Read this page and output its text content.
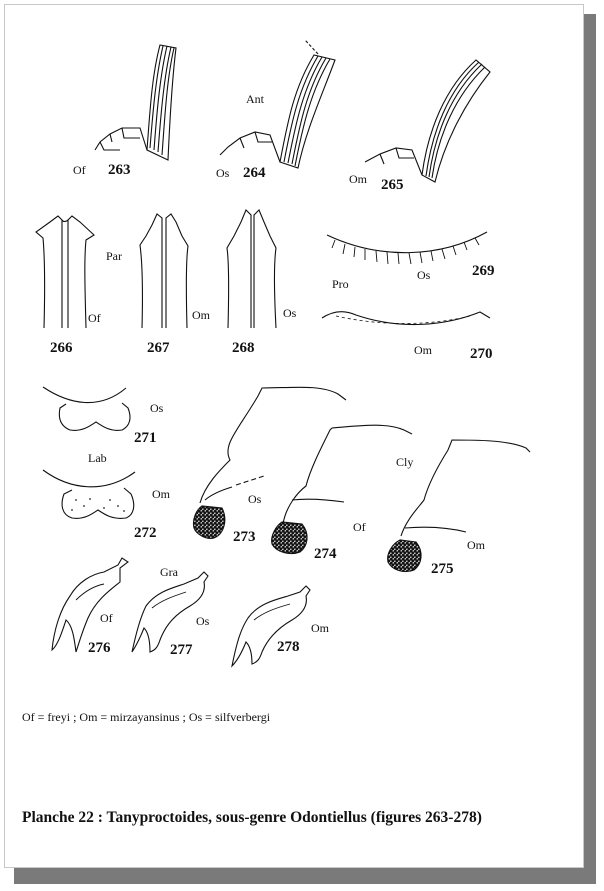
Ant
Of 263	Os 264	Om 265
Par
Of	Om	Os
266	267	268
Pro
Os	269
Om	270
Os
271
Lab
Om
272
Cly
Os
273
Of
274
Om
275
Gra
Of
276
Os
277
Om
278
Of = freyi ; Om = mirzayansinus ; Os = silfverbergi
Planche 22 : Tanyproctoides, sous-genre Odontiellus (figures 263-278)
